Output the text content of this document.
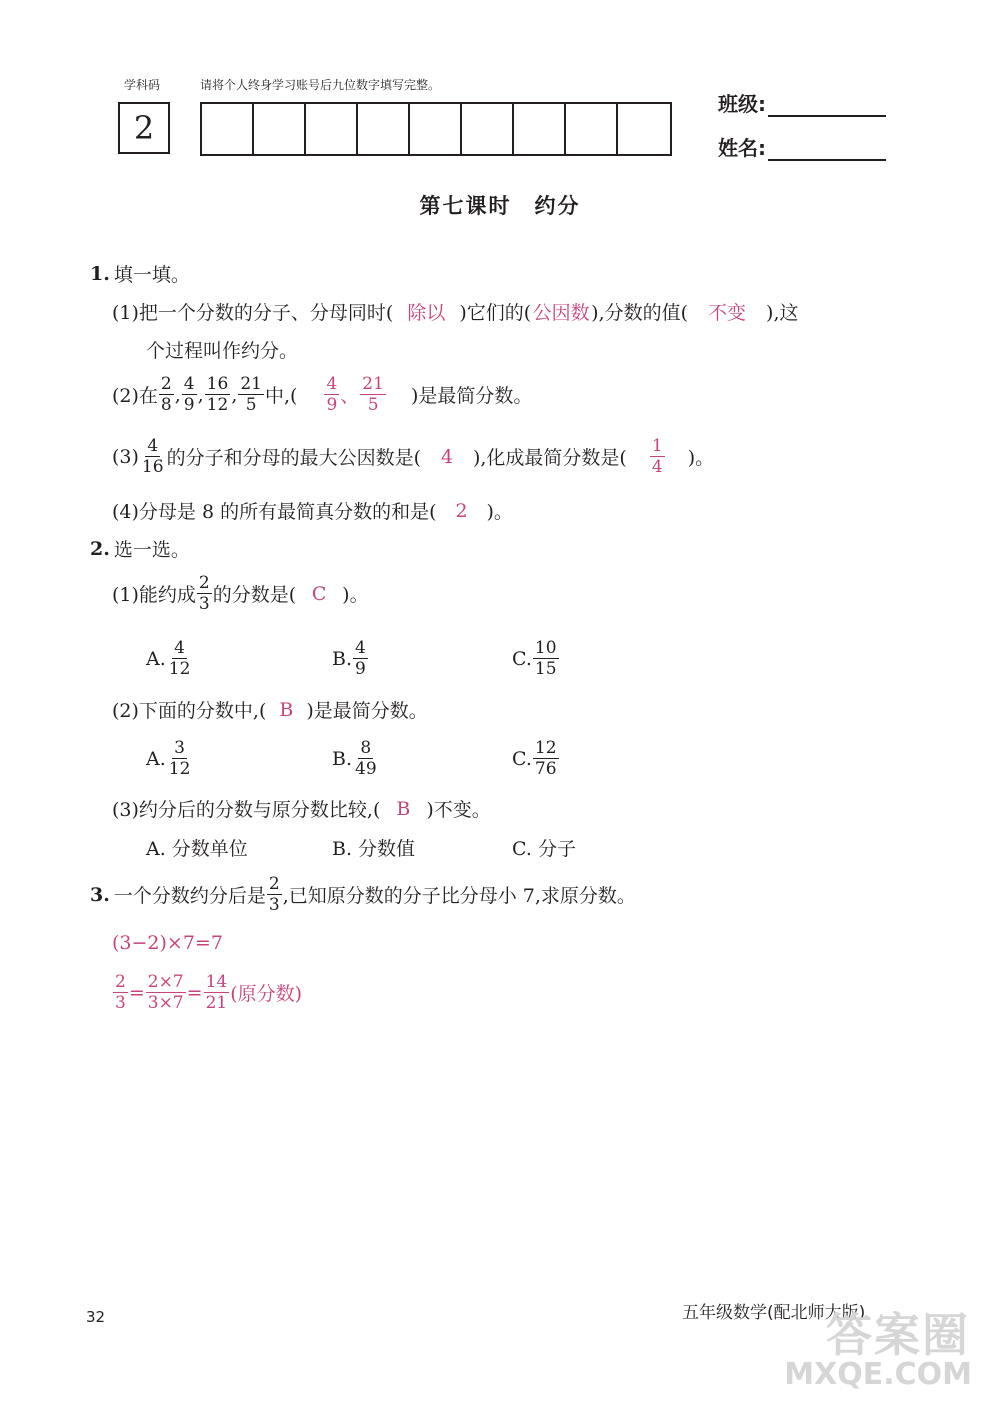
学科码
2
请将个人终身学习账号后九位数字填写完整。
班级:
姓名:
第七课时　约分
1. 填一填。
(1)把一个分数的分子、分母同时( 除以 )它们的( 公因数 ),分数的值(	不变	),这
个过程叫作约分。
(2)在 $\frac{2}{8}$ , $\frac{4}{9}$ , $\frac{16}{12}$ , $\frac{21}{5}$ 中,( $\frac{4}{9}$ 、 $\frac{21}{5}$ )是最简分数。
$(3) \frac{4}{16}$ 的分子和分母的最大公因数是(	4	),化成最简分数是( $\frac{1}{4}$ )。
(4)分母是 8 的所有最简真分数的和是( 2 )。
2. 选一选。
(1)能约成 $\frac{2}{3}$ 的分数是( C )。
A. $\frac{4}{12}$	B. $\frac{4}{9}$	C. $\frac{10}{15}$
(2)下面的分数中,( B )是最简分数。
A. $\frac{3}{12}$	B. $\frac{8}{49}$	C. $\frac{12}{76}$
(3)约分后的分数与原分数比较,( B )不变。
A. 分数单位	B. 分数值	C. 分子
3. 一个分数约分后是 $\frac{2}{3}$ ,已知原分数的分子比分母小 7,求原分数。
(3−2)×7=7
$\frac{2}{3} = \frac{2\times 7}{3\times 7} = \frac{14}{21}$ (原分数)
32	五年级数学(配北师大版)
答案圈
MXQE.COM
